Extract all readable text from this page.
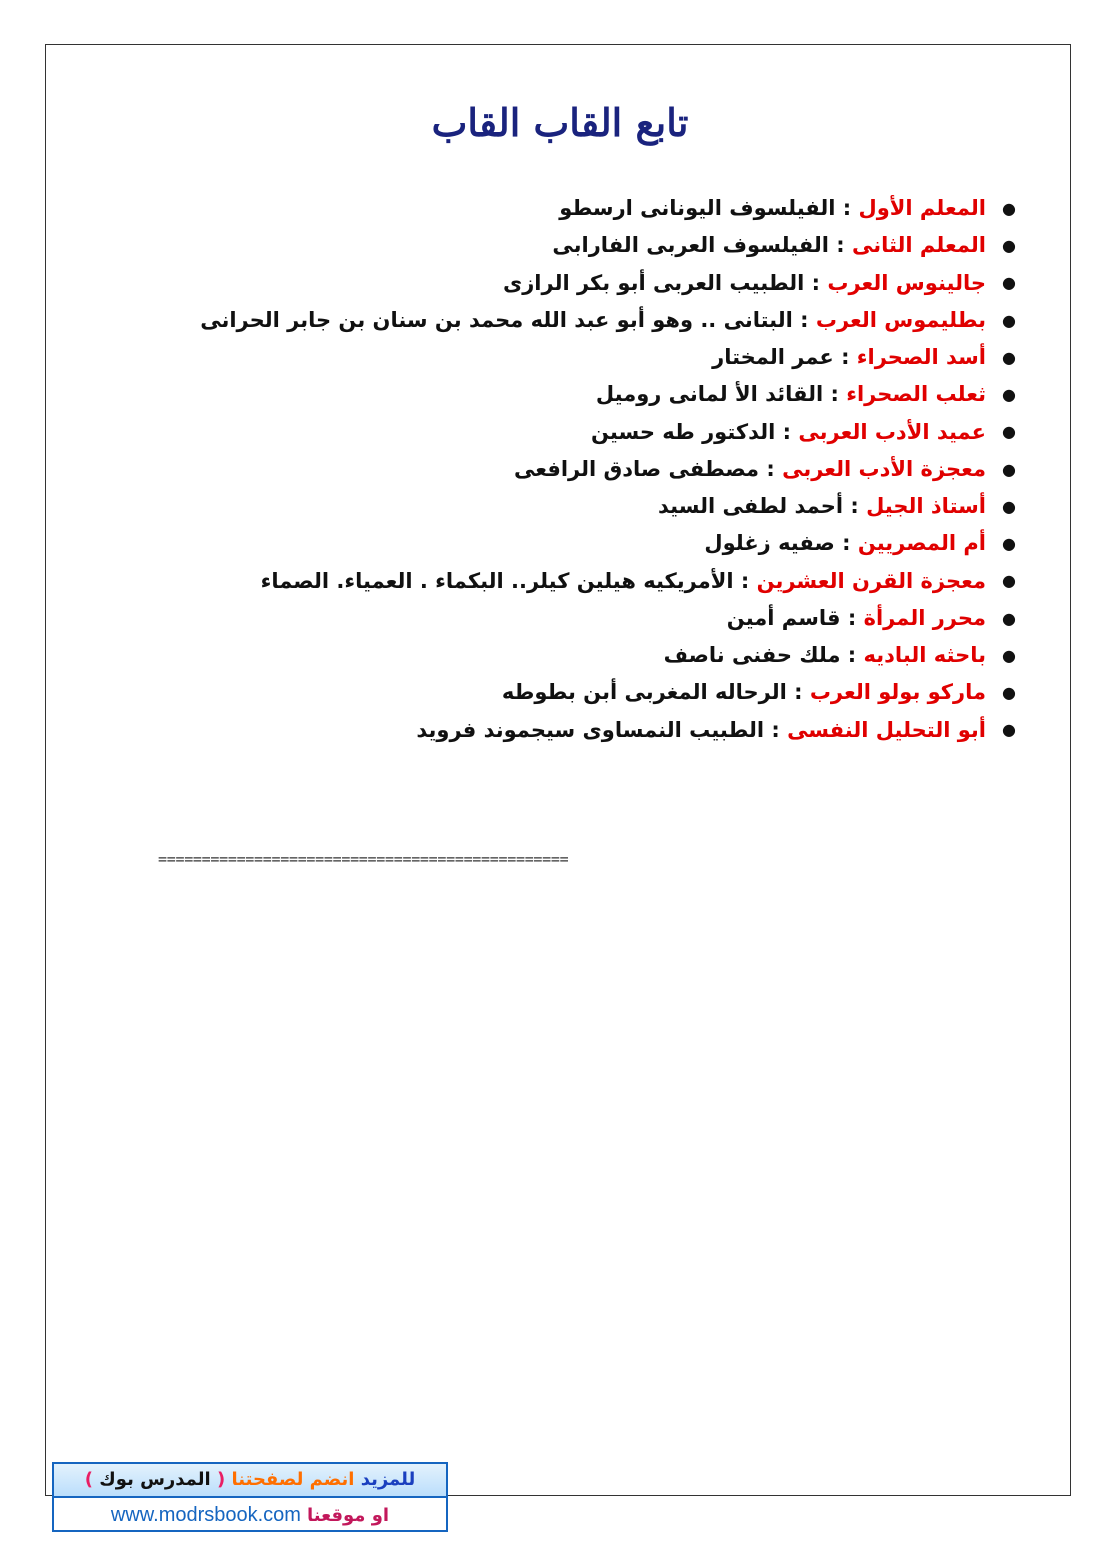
تابع القاب القاب
●المعلم الأول : الفيلسوف اليونانى ارسطو
●المعلم الثانى : الفيلسوف العربى الفارابى
●جالينوس العرب : الطبيب العربى أبو بكر الرازى
●بطليموس العرب : البتانى .. وهو أبو عبد الله محمد بن سنان بن جابر الحرانى
●أسد الصحراء : عمر المختار
●ثعلب الصحراء : القائد الأ لمانى روميل
●عميد الأدب العربى : الدكتور طه حسين
●معجزة الأدب العربى : مصطفى صادق الرافعى
●أستاذ الجيل : أحمد لطفى السيد
●أم المصريين : صفيه زغلول
●معجزة القرن العشرين : الأمريكيه هيلين كيلر.. البكماء . العمياء. الصماء
●محرر المرأة : قاسم أمين
●باحثه الباديه : ملك حفنى ناصف
●ماركو بولو العرب : الرحاله المغربى أبن بطوطه
●أبو التحليل النفسى : الطبيب النمساوى سيجموند فرويد
===============================================
للمزيد انضم لصفحتنا ( المدرس بوك )
www.modrsbook.com او موقعنا
